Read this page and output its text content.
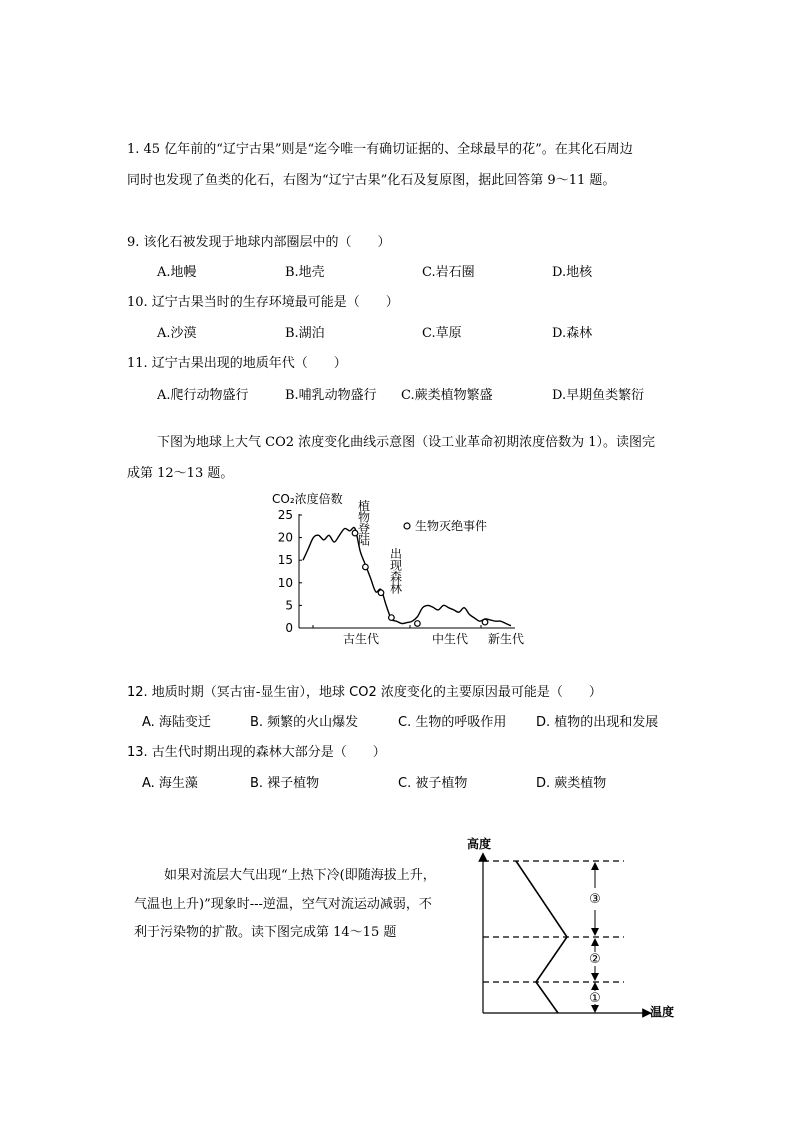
1. 45 亿年前的“辽宁古果”则是“迄今唯一有确切证据的、全球最早的花”。在其化石周边
同时也发现了鱼类的化石，右图为“辽宁古果”化石及复原图，据此回答第 9～11 题。
9. 该化石被发现于地球内部圈层中的（　　）
A.地幔	B.地壳	C.岩石圈	D.地核
10. 辽宁古果当时的生存环境最可能是（　　）
A.沙漠	B.湖泊	C.草原	D.森林
11. 辽宁古果出现的地质年代（　　）
A.爬行动物盛行	B.哺乳动物盛行 C.蕨类植物繁盛	D.早期鱼类繁衍
下图为地球上大气 CO2 浓度变化曲线示意图（设工业革命初期浓度倍数为 1）。读图完
成第 12～13 题。
CO₂浓度倍数
0
5
10
15
20
25
植物登陆
出现森林
生物灭绝事件
古生代	中生代 新生代
12. 地质时期（冥古宙-显生宙），地球 CO2 浓度变化的主要原因最可能是（　　）
A. 海陆变迁	B. 频繁的火山爆发	C. 生物的呼吸作用 D. 植物的出现和发展
13. 古生代时期出现的森林大部分是（　　）
A. 海生藻	B. 裸子植物	C. 被子植物	D. 蕨类植物
如果对流层大气出现“上热下冷(即随海拔上升，
气温也上升)”现象时---逆温，空气对流运动减弱，不
利于污染物的扩散。读下图完成第 14～15 题
高度
温度
③
②
①
